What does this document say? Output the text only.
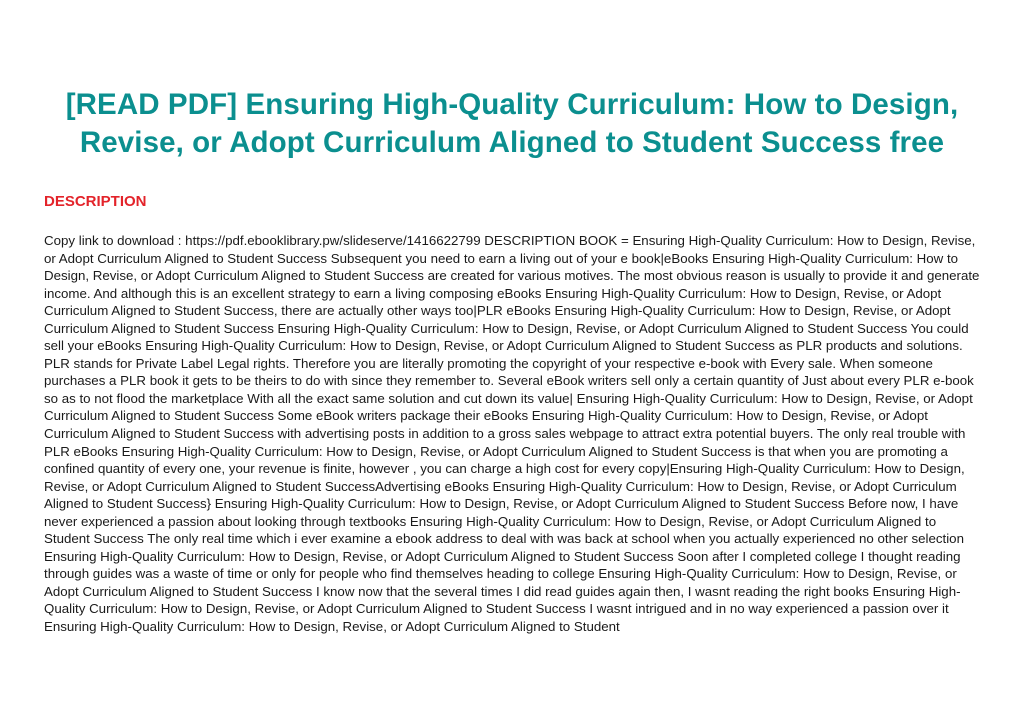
[READ PDF] Ensuring High-Quality Curriculum: How to Design, Revise, or Adopt Curriculum Aligned to Student Success free
DESCRIPTION

Copy link to download : https://pdf.ebooklibrary.pw/slideserve/1416622799 DESCRIPTION BOOK = Ensuring High-Quality Curriculum: How to Design, Revise, or Adopt Curriculum Aligned to Student Success Subsequent you need to earn a living out of your e book|eBooks Ensuring High-Quality Curriculum: How to Design, Revise, or Adopt Curriculum Aligned to Student Success are created for various motives. The most obvious reason is usually to provide it and generate income. And although this is an excellent strategy to earn a living composing eBooks Ensuring High-Quality Curriculum: How to Design, Revise, or Adopt Curriculum Aligned to Student Success, there are actually other ways too|PLR eBooks Ensuring High-Quality Curriculum: How to Design, Revise, or Adopt Curriculum Aligned to Student Success Ensuring High-Quality Curriculum: How to Design, Revise, or Adopt Curriculum Aligned to Student Success You could sell your eBooks Ensuring High-Quality Curriculum: How to Design, Revise, or Adopt Curriculum Aligned to Student Success as PLR products and solutions. PLR stands for Private Label Legal rights. Therefore you are literally promoting the copyright of your respective e-book with Every sale. When someone purchases a PLR book it gets to be theirs to do with since they remember to. Several eBook writers sell only a certain quantity of Just about every PLR e-book so as to not flood the marketplace With all the exact same solution and cut down its value| Ensuring High-Quality Curriculum: How to Design, Revise, or Adopt Curriculum Aligned to Student Success Some eBook writers package their eBooks Ensuring High-Quality Curriculum: How to Design, Revise, or Adopt Curriculum Aligned to Student Success with advertising posts in addition to a gross sales webpage to attract extra potential buyers. The only real trouble with PLR eBooks Ensuring High-Quality Curriculum: How to Design, Revise, or Adopt Curriculum Aligned to Student Success is that when you are promoting a confined quantity of every one, your revenue is finite, however , you can charge a high cost for every copy|Ensuring High-Quality Curriculum: How to Design, Revise, or Adopt Curriculum Aligned to Student SuccessAdvertising eBooks Ensuring High-Quality Curriculum: How to Design, Revise, or Adopt Curriculum Aligned to Student Success} Ensuring High-Quality Curriculum: How to Design, Revise, or Adopt Curriculum Aligned to Student Success Before now, I have never experienced a passion about looking through textbooks Ensuring High-Quality Curriculum: How to Design, Revise, or Adopt Curriculum Aligned to Student Success The only real time which i ever examine a ebook address to deal with was back at school when you actually experienced no other selection Ensuring High-Quality Curriculum: How to Design, Revise, or Adopt Curriculum Aligned to Student Success Soon after I completed college I thought reading through guides was a waste of time or only for people who find themselves heading to college Ensuring High-Quality Curriculum: How to Design, Revise, or Adopt Curriculum Aligned to Student Success I know now that the several times I did read guides again then, I wasnt reading the right books Ensuring High-Quality Curriculum: How to Design, Revise, or Adopt Curriculum Aligned to Student Success I wasnt intrigued and in no way experienced a passion over it Ensuring High-Quality Curriculum: How to Design, Revise, or Adopt Curriculum Aligned to Student
